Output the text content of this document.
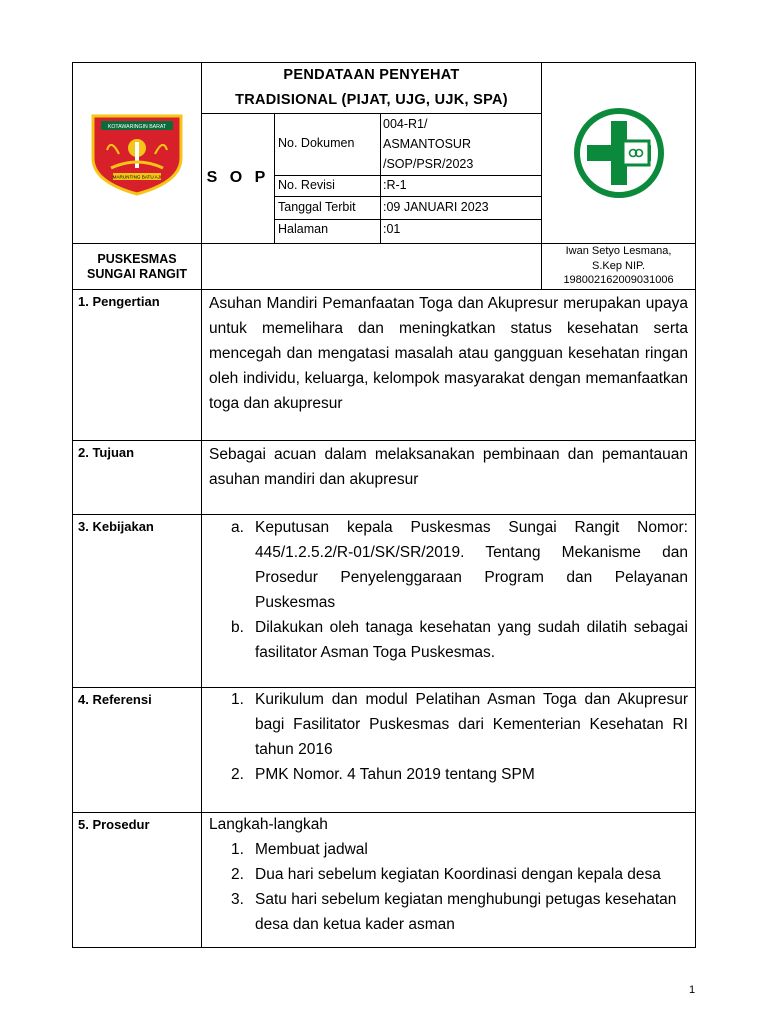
KOTAWARINGIN BARAT
MARUNTING BATU AJI
PENDATAAN PENYEHAT
TRADISIONAL (PIJAT, UJG, UJK, SPA)
S O P
No. Dokumen
004-R1/
ASMANTOSUR
/SOP/PSR/2023
No. Revisi	:R-1
Tanggal Terbit :09 JANUARI 2023
Halaman	:01
PUSKESMAS
SUNGAI RANGIT
Iwan Setyo Lesmana,
S.Kep NIP.
198002162009031006
1. Pengertian	Asuhan Mandiri Pemanfaatan Toga dan Akupresur merupakan upaya untuk memelihara dan meningkatkan status kesehatan serta mencegah dan mengatasi masalah atau gangguan kesehatan ringan oleh individu, keluarga, kelompok masyarakat dengan memanfaatkan toga dan akupresur
2. Tujuan	Sebagai acuan dalam melaksanakan pembinaan dan pemantauan asuhan mandiri dan akupresur
3. Kebijakan	a. Keputusan kepala Puskesmas Sungai Rangit Nomor: 445/1.2.5.2/R-01/SK/SR/2019. Tentang Mekanisme dan Prosedur Penyelenggaraan Program dan Pelayanan Puskesmas
b. Dilakukan oleh tanaga kesehatan yang sudah dilatih sebagai fasilitator Asman Toga Puskesmas.
4. Referensi	1. Kurikulum dan modul Pelatihan Asman Toga dan Akupresur bagi Fasilitator Puskesmas dari Kementerian Kesehatan RI tahun 2016
2. PMK Nomor. 4 Tahun 2019 tentang SPM
5. Prosedur	Langkah-langkah
1. Membuat jadwal
2. Dua hari sebelum kegiatan Koordinasi dengan kepala desa
3. Satu hari sebelum kegiatan menghubungi petugas kesehatan desa dan ketua kader asman
1
